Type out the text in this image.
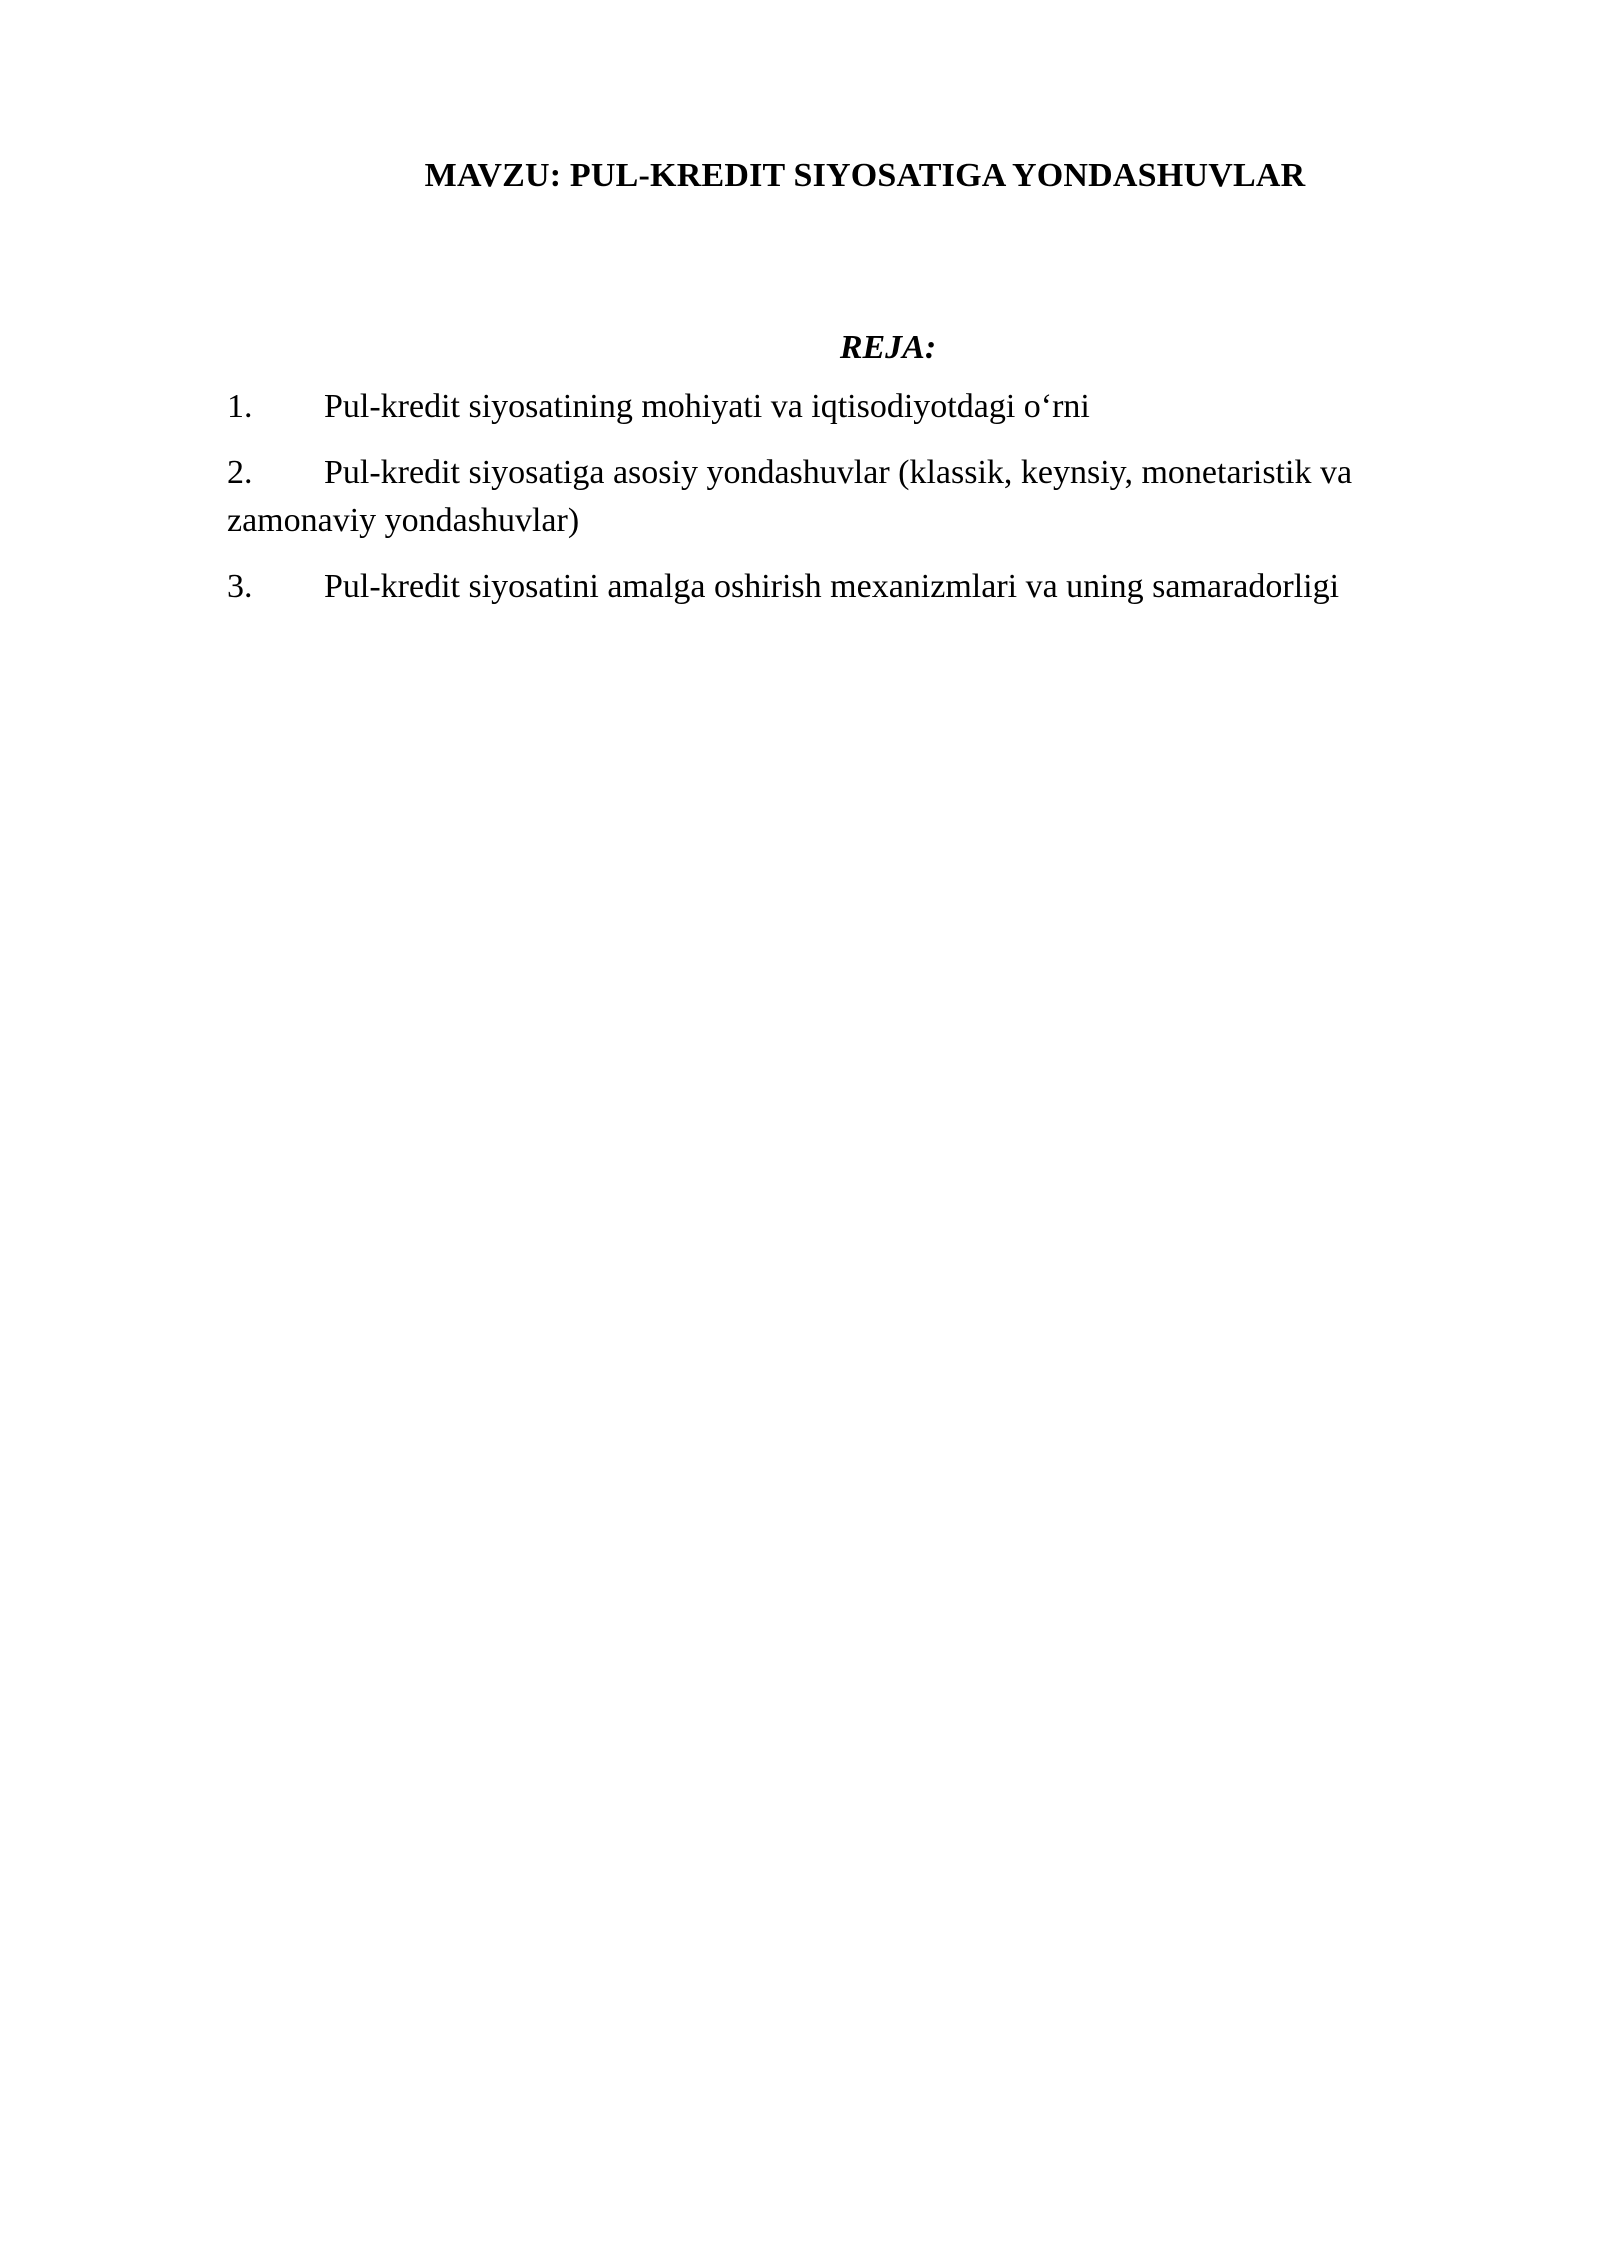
MAVZU: PUL-KREDIT SIYOSATIGA YONDASHUVLAR
REJA:
1. Pul-kredit siyosatining mohiyati va iqtisodiyotdagi o‘rni
2. Pul-kredit siyosatiga asosiy yondashuvlar (klassik, keynsiy, monetaristik va zamonaviy yondashuvlar)
3. Pul-kredit siyosatini amalga oshirish mexanizmlari va uning samaradorligi
